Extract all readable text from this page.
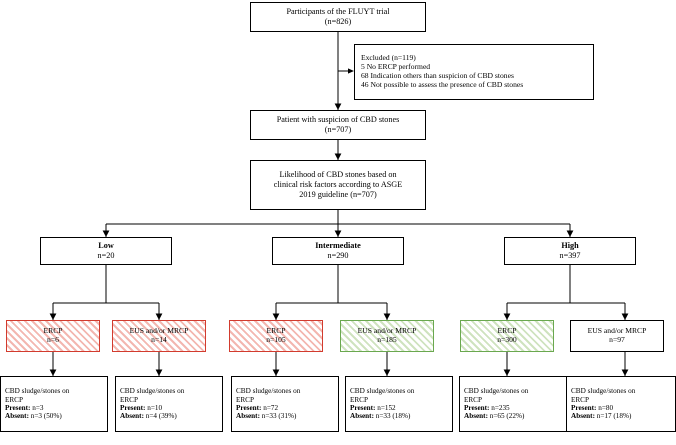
Participants of the FLUYT trial
(n=826)
Excluded (n=119)
5 No ERCP performed
68 Indication others than suspicion of CBD stones
46 Not possible to assess the presence of CBD stones
Patient with suspicion of CBD stones
(n=707)
Likelihood of CBD stones based on
clinical risk factors according to ASGE
2019 guideline (n=707)
Low
n=20
Intermediate
n=290
High
n=397
ERCP
n=6
EUS and/or MRCP
n=14
ERCP
n=105
EUS and/or MRCP
n=185
ERCP
n=300
EUS and/or MRCP
n=97
CBD sludge/stones on
ERCP
Present: n=3
Absent: n=3 (50%)
CBD sludge/stones on
ERCP
Present: n=10
Absent: n=4 (39%)
CBD sludge/stones on
ERCP
Present: n=72
Absent: n=33 (31%)
CBD sludge/stones on
ERCP
Present: n=152
Absent: n=33 (18%)
CBD sludge/stones on
ERCP
Present: n=235
Absent: n=65 (22%)
CBD sludge/stones on
ERCP
Present: n=80
Absent: n=17 (18%)
